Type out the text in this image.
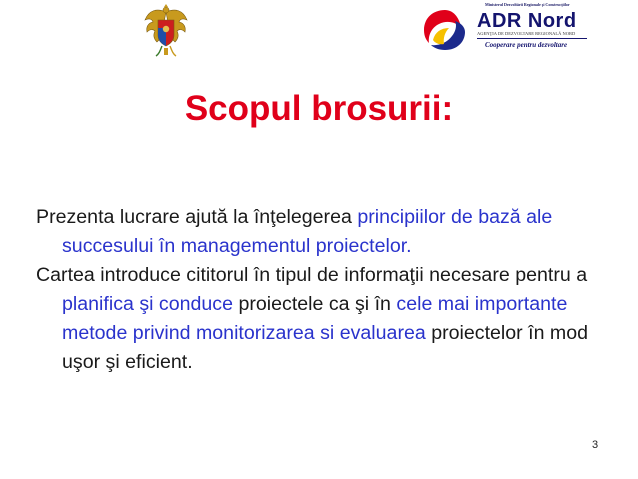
Ministerul Dezvoltării Regionale şi Construcţiilor
ADR Nord
AGENŢIA DE DEZVOLTARE REGIONALĂ NORD
Cooperare pentru dezvoltare
Scopul brosurii:
Prezenta lucrare ajută la înţelegerea principiilor de bază ale succesului în managementul proiectelor.
Cartea introduce cititorul în tipul de informaţii necesare pentru a planifica şi conduce proiectele ca şi în cele mai importante metode privind monitorizarea si evaluarea proiectelor în mod uşor şi eficient.
3
